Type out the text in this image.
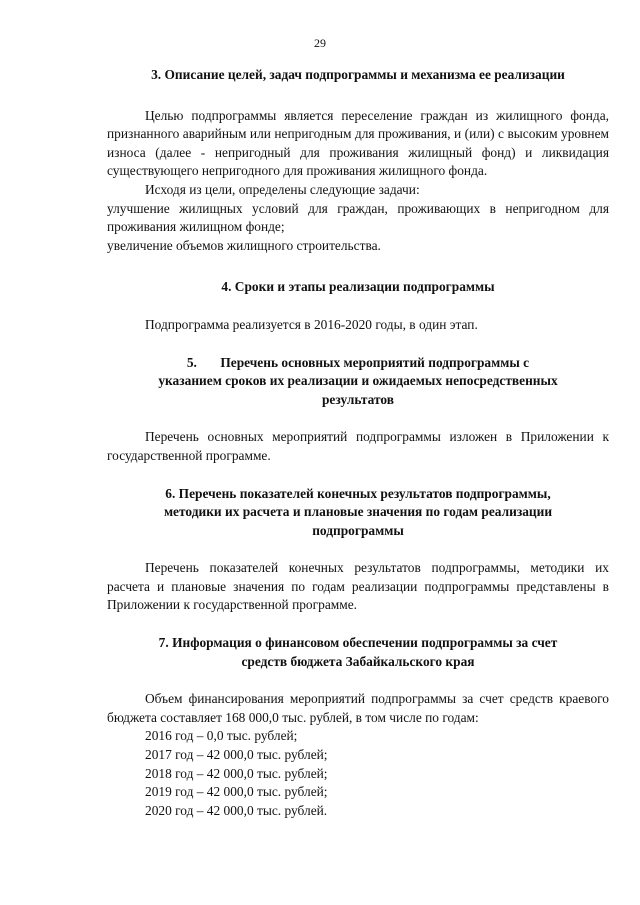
29

3. Описание целей, задач подпрограммы и механизма ее реализации

Целью подпрограммы является переселение граждан из жилищного фонда, признанного аварийным или непригодным для проживания, и (или) с высоким уровнем износа (далее - непригодный для проживания жилищный фонд) и ликвидация существующего непригодного для проживания жилищного фонда.

Исходя из цели, определены следующие задачи:

улучшение жилищных условий для граждан, проживающих в непригодном для проживания жилищном фонде;

увеличение объемов жилищного строительства.

4. Сроки и этапы реализации подпрограммы

Подпрограмма реализуется в 2016-2020 годы, в один этап.

5. Перечень основных мероприятий подпрограммы с
указанием сроков их реализации и ожидаемых непосредственных
результатов

Перечень основных мероприятий подпрограммы изложен в Приложении к государственной программе.

6. Перечень показателей конечных результатов подпрограммы,
методики их расчета и плановые значения по годам реализации
подпрограммы

Перечень показателей конечных результатов подпрограммы, методики их расчета и плановые значения по годам реализации подпрограммы представлены в Приложении к государственной программе.

7. Информация о финансовом обеспечении подпрограммы за счет
средств бюджета Забайкальского края

Объем финансирования мероприятий подпрограммы за счет средств краевого бюджета составляет 168 000,0 тыс. рублей, в том числе по годам:

2016 год – 0,0 тыс. рублей;

2017 год – 42 000,0 тыс. рублей;

2018 год – 42 000,0 тыс. рублей;

2019 год – 42 000,0 тыс. рублей;

2020 год – 42 000,0 тыс. рублей.
